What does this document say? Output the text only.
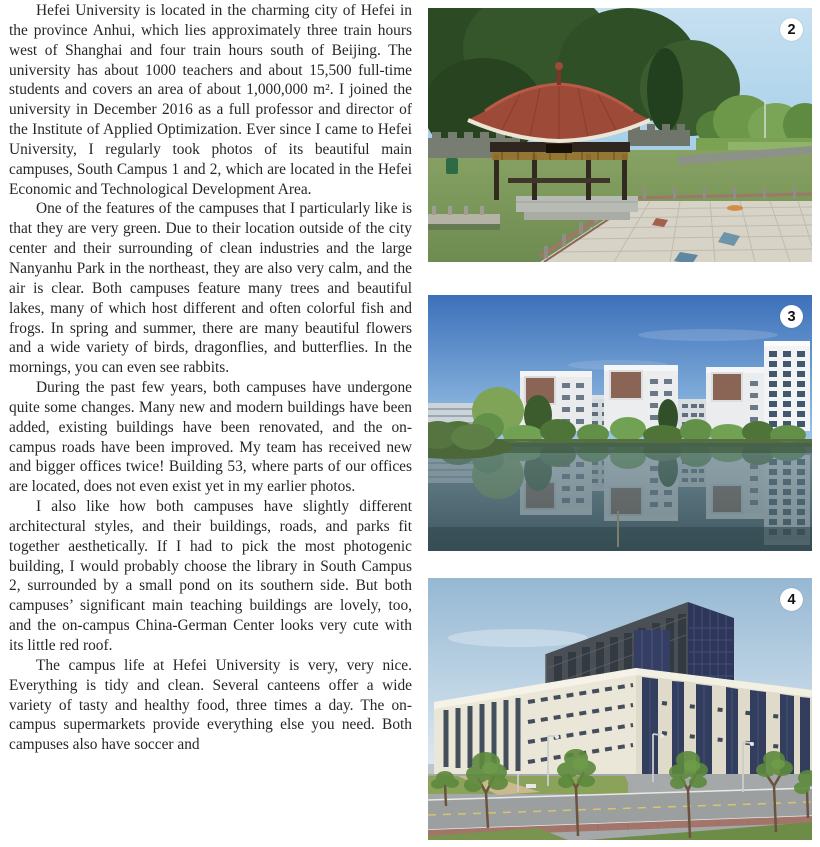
Hefei University is located in the charming city of Hefei in the province Anhui, which lies approximately three train hours west of Shanghai and four train hours south of Beijing. The university has about 1000 teachers and about 15,500 full-time students and covers an area of about 1,000,000 m². I joined the university in December 2016 as a full professor and director of the Institute of Applied Optimization. Ever since I came to Hefei University, I regularly took photos of its beautiful main campuses, South Campus 1 and 2, which are located in the Hefei Economic and Technological Development Area.

One of the features of the campuses that I particularly like is that they are very green. Due to their location outside of the city center and their surrounding of clean industries and the large Nanyanhu Park in the northeast, they are also very calm, and the air is clear. Both campuses feature many trees and beautiful lakes, many of which host different and often colorful fish and frogs. In spring and summer, there are many beautiful flowers and a wide variety of birds, dragonflies, and butterflies. In the mornings, you can even see rabbits.

During the past few years, both campuses have undergone quite some changes. Many new and modern buildings have been added, existing buildings have been renovated, and the on-campus roads have been improved. My team has received new and bigger offices twice! Building 53, where parts of our offices are located, does not even exist yet in my earlier photos.

I also like how both campuses have slightly different architectural styles, and their buildings, roads, and parks fit together aesthetically. If I had to pick the most photogenic building, I would probably choose the library in South Campus 2, surrounded by a small pond on its southern side. But both campuses’ significant main teaching buildings are lovely, too, and the on-campus China-German Center looks very cute with its little red roof.

The campus life at Hefei University is very, very nice. Everything is tidy and clean. Several canteens offer a wide variety of tasty and healthy food, three times a day. The on-campus supermarkets provide everything else you need. Both campuses also have soccer and

2
3
4
